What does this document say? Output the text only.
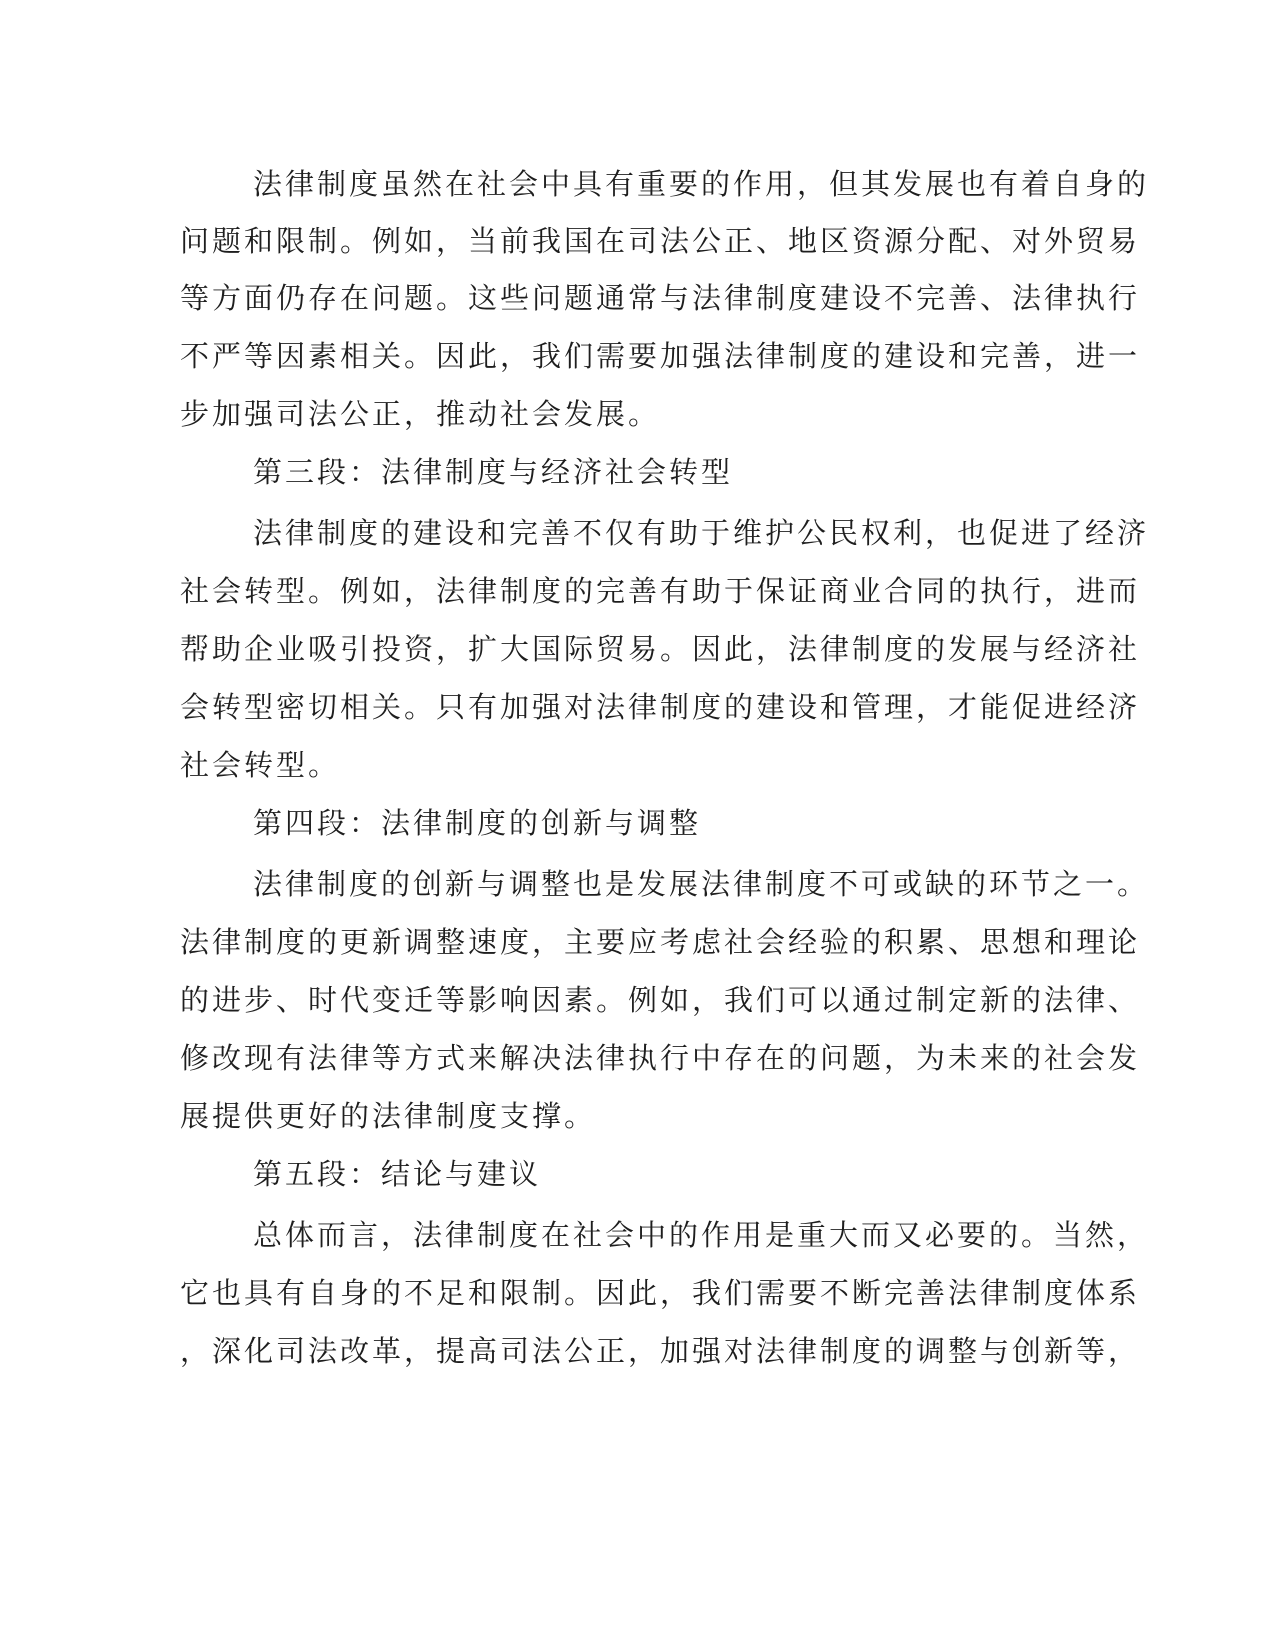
法律制度虽然在社会中具有重要的作用，但其发展也有着自身的
问题和限制。例如，当前我国在司法公正、地区资源分配、对外贸易
等方面仍存在问题。这些问题通常与法律制度建设不完善、法律执行
不严等因素相关。因此，我们需要加强法律制度的建设和完善，进一
步加强司法公正，推动社会发展。
第三段：法律制度与经济社会转型
法律制度的建设和完善不仅有助于维护公民权利，也促进了经济
社会转型。例如，法律制度的完善有助于保证商业合同的执行，进而
帮助企业吸引投资，扩大国际贸易。因此，法律制度的发展与经济社
会转型密切相关。只有加强对法律制度的建设和管理，才能促进经济
社会转型。
第四段：法律制度的创新与调整
法律制度的创新与调整也是发展法律制度不可或缺的环节之一。
法律制度的更新调整速度，主要应考虑社会经验的积累、思想和理论
的进步、时代变迁等影响因素。例如，我们可以通过制定新的法律、
修改现有法律等方式来解决法律执行中存在的问题，为未来的社会发
展提供更好的法律制度支撑。
第五段：结论与建议
总体而言，法律制度在社会中的作用是重大而又必要的。当然，
它也具有自身的不足和限制。因此，我们需要不断完善法律制度体系
，深化司法改革，提高司法公正，加强对法律制度的调整与创新等，
